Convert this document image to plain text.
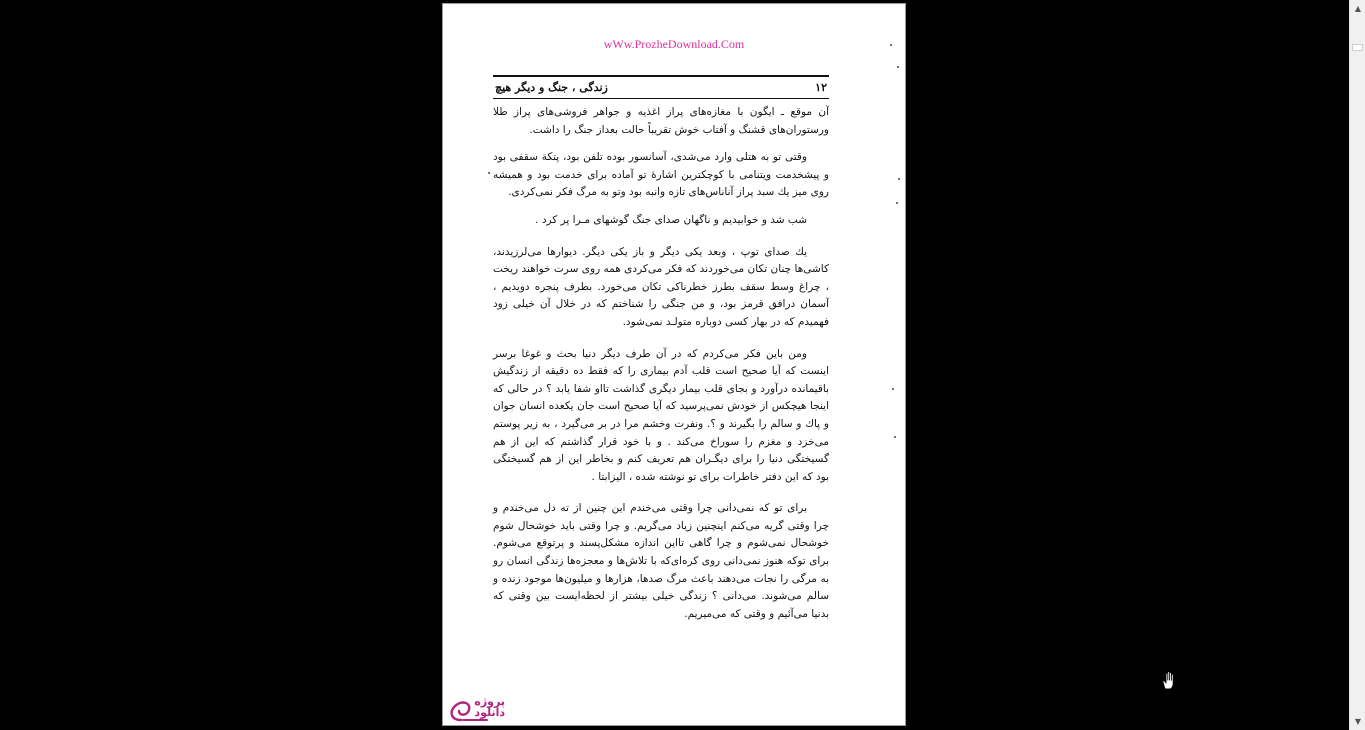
wWw.ProzheDownload.Com
۱۲
زندگی ، جنگ و دیگر هیچ

آن موقع ـ ایگون با مغازه‌های پراز اغذیه و جواهر فروشی‌های پراز طلا ورستوران‌های قشنگ و آفتاب خوش تقریباً حالت بعداز جنگ را داشت.

وقتی تو به هتلی وارد می‌شدی، آسانسور بوده تلفن بود، پتکة سقفی بود و پیشخدمت ویتنامی با کوچکترین اشارهٔ تو آماده برای خدمت بود و همیشه روی میز یك سبد پراز آناناس‌های تازه وانبه بود وتو به مرگ فکر نمی‌کردی.

شب شد و خوابیدیم و ناگهان صدای جنگ گوشهای مـرا پر کرد .

یك صدای توپ ، وبعد یکی دیگر و باز یکی دیگر. دیوارها می‌لرزیدند، کاشی‌ها چنان تکان می‌خوردند که فکر می‌کردی همه روی سرت خواهند ریخت ، چراغ وسط سقف بطرز خطرناکی تکان می‌خورد. بطرف پنجره دویدیم ، آسمان درافق قرمز بود، و من جنگی را شناختم که در خلال آن خیلی زود فهمیدم که در بهار کسی دوباره متولـد نمی‌شود.

ومن باین فکر می‌کردم که در آن طرف دیگر دنیا بحث و غوغا برسر اینست که آیا صحیح است قلب آدم بیماری را که فقط ده دقیقه از زندگیش باقیمانده درآورد و بجای قلب بیمار دیگری گذاشت تااو شفا یابد ؟ در حالی که اینجا هیچکس از خودش نمی‌پرسید که آیا صحیح است جان یکعده انسان جوان و پاك و سالم را بگیرند و ؟. ونفرت وخشم مرا در بر می‌گیرد ، به زیر پوستم می‌خزد و مغزم را سوراخ می‌کند . و با خود قرار گذاشتم که این از هم گسیختگی دنیا را برای دیگـران هم تعریف کنم و بخاطر این از هم گسیختگی بود که این دفتر خاطرات برای تو نوشته شده ، الیزابتا .

برای تو که نمی‌دانی چرا وقتی می‌خندم این چنین از ته دل می‌خندم و چرا وقتی گریه می‌کنم اینچنین زیاد می‌گریم. و چرا وقتی باید خوشحال شوم خوشحال نمی‌شوم و چرا گاهی تااین اندازه مشکل‌پسند و پرتوقع می‌شوم. برای توکه هنوز نمی‌دانی روی کره‌ای‌که با تلاش‌ها و معجزه‌ها زندگی انسان رو به مرگی را نجات می‌دهند باعث مرگ صدها، هزارها و میلیون‌ها موجود زنده و سالم می‌شوند. می‌دانی ؟ زندگی خیلی بیشتر از لحظه‌ایست بین وقتی که بدنیا می‌آئیم و وقتی که می‌میریم.

پروژه دانلود
▲
▼
